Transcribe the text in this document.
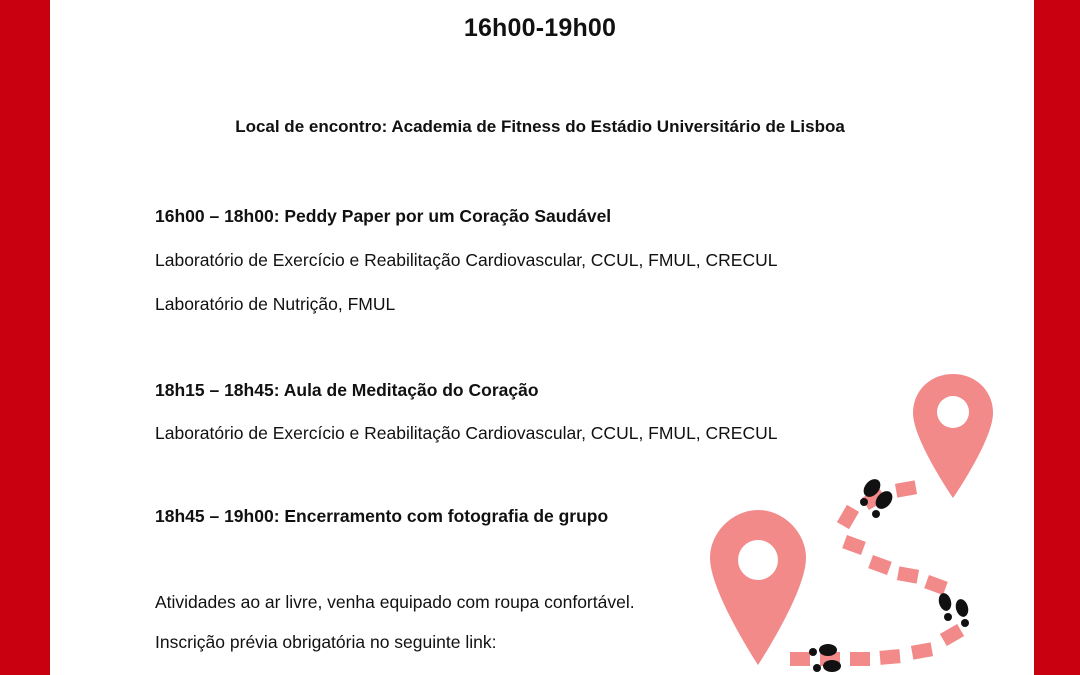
16h00-19h00
Local de encontro: Academia de Fitness do Estádio Universitário de Lisboa
16h00 – 18h00: Peddy Paper por um Coração Saudável
Laboratório de Exercício e Reabilitação Cardiovascular, CCUL, FMUL, CRECUL
Laboratório de Nutrição, FMUL
18h15 – 18h45: Aula de Meditação do Coração
Laboratório de Exercício e Reabilitação Cardiovascular, CCUL, FMUL, CRECUL
18h45 – 19h00: Encerramento com fotografia de grupo
Atividades ao ar livre, venha equipado com roupa confortável.
Inscrição prévia obrigatória no seguinte link:
